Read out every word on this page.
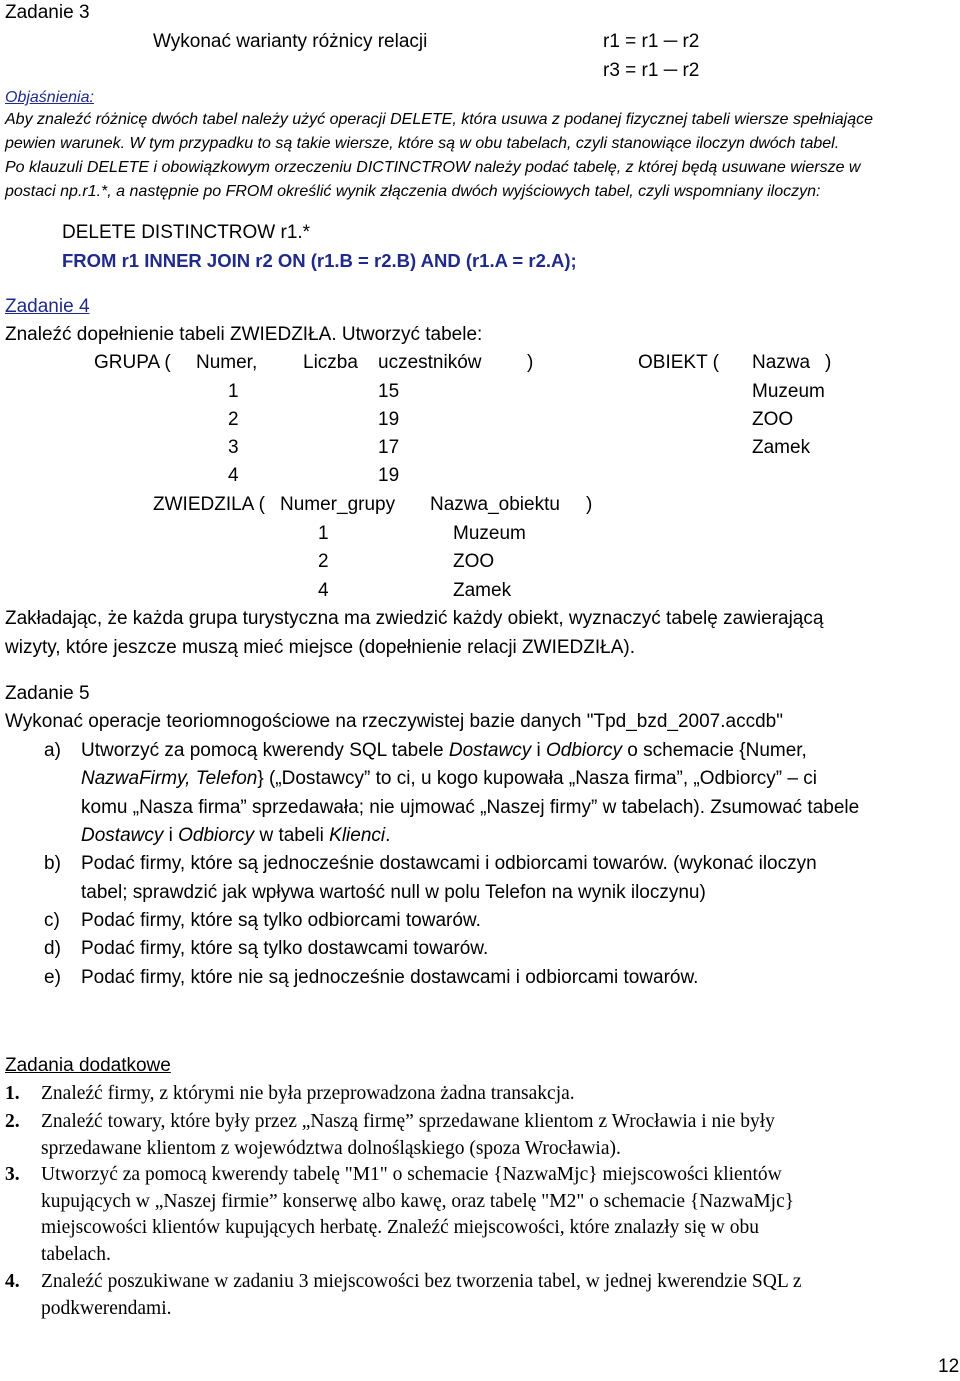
Zadanie 3
Wykonać warianty różnicy relacji	r1 = r1 ─ r2
r3 = r1 ─ r2
Objaśnienia:
Aby znaleźć różnicę dwóch tabel należy użyć operacji DELETE, która usuwa z podanej fizycznej tabeli wiersze spełniające
pewien warunek. W tym przypadku to są takie wiersze, które są w obu tabelach, czyli stanowiące iloczyn dwóch tabel.
Po klauzuli DELETE i obowiązkowym orzeczeniu DICTINCTROW należy podać tabelę, z której będą usuwane wiersze w
postaci np.r1.*, a następnie po FROM określić wynik złączenia dwóch wyjściowych tabel, czyli wspomniany iloczyn:
DELETE DISTINCTROW r1.*
FROM r1 INNER JOIN r2 ON (r1.B = r2.B) AND (r1.A = r2.A);
Zadanie 4
Znaleźć dopełnienie tabeli ZWIEDZIŁA. Utworzyć tabele:
GRUPA ( Numer, Liczba uczestników )	OBIEKT ( Nazwa )
1	15	Muzeum
2	19	ZOO
3	17	Zamek
4	19
ZWIEDZILA ( Numer_grupy Nazwa_obiektu )
1	Muzeum
2	ZOO
4	Zamek
Zakładając, że każda grupa turystyczna ma zwiedzić każdy obiekt, wyznaczyć tabelę zawierającą
wizyty, które jeszcze muszą mieć miejsce (dopełnienie relacji ZWIEDZIŁA).
Zadanie 5
Wykonać operacje teoriomnogościowe na rzeczywistej bazie danych "Tpd_bzd_2007.accdb"
a) Utworzyć za pomocą kwerendy SQL tabele Dostawcy i Odbiorcy o schemacie {Numer,
NazwaFirmy, Telefon} („Dostawcy” to ci, u kogo kupowała „Nasza firma”, „Odbiorcy” – ci
komu „Nasza firma” sprzedawała; nie ujmować „Naszej firmy” w tabelach). Zsumować tabele
Dostawcy i Odbiorcy w tabeli Klienci.
b) Podać firmy, które są jednocześnie dostawcami i odbiorcami towarów. (wykonać iloczyn
tabel; sprawdzić jak wpływa wartość null w polu Telefon na wynik iloczynu)
c) Podać firmy, które są tylko odbiorcami towarów.
d) Podać firmy, które są tylko dostawcami towarów.
e) Podać firmy, które nie są jednocześnie dostawcami i odbiorcami towarów.
Zadania dodatkowe
1. Znaleźć firmy, z którymi nie była przeprowadzona żadna transakcja.
2. Znaleźć towary, które były przez „Naszą firmę” sprzedawane klientom z Wrocławia i nie były
sprzedawane klientom z województwa dolnośląskiego (spoza Wrocławia).
3. Utworzyć za pomocą kwerendy tabelę "M1" o schemacie {NazwaMjc} miejscowości klientów
kupujących w „Naszej firmie” konserwę albo kawę, oraz tabelę "M2" o schemacie {NazwaMjc}
miejscowości klientów kupujących herbatę. Znaleźć miejscowości, które znalazły się w obu
tabelach.
4. Znaleźć poszukiwane w zadaniu 3 miejscowości bez tworzenia tabel, w jednej kwerendzie SQL z
podkwerendami.
12
